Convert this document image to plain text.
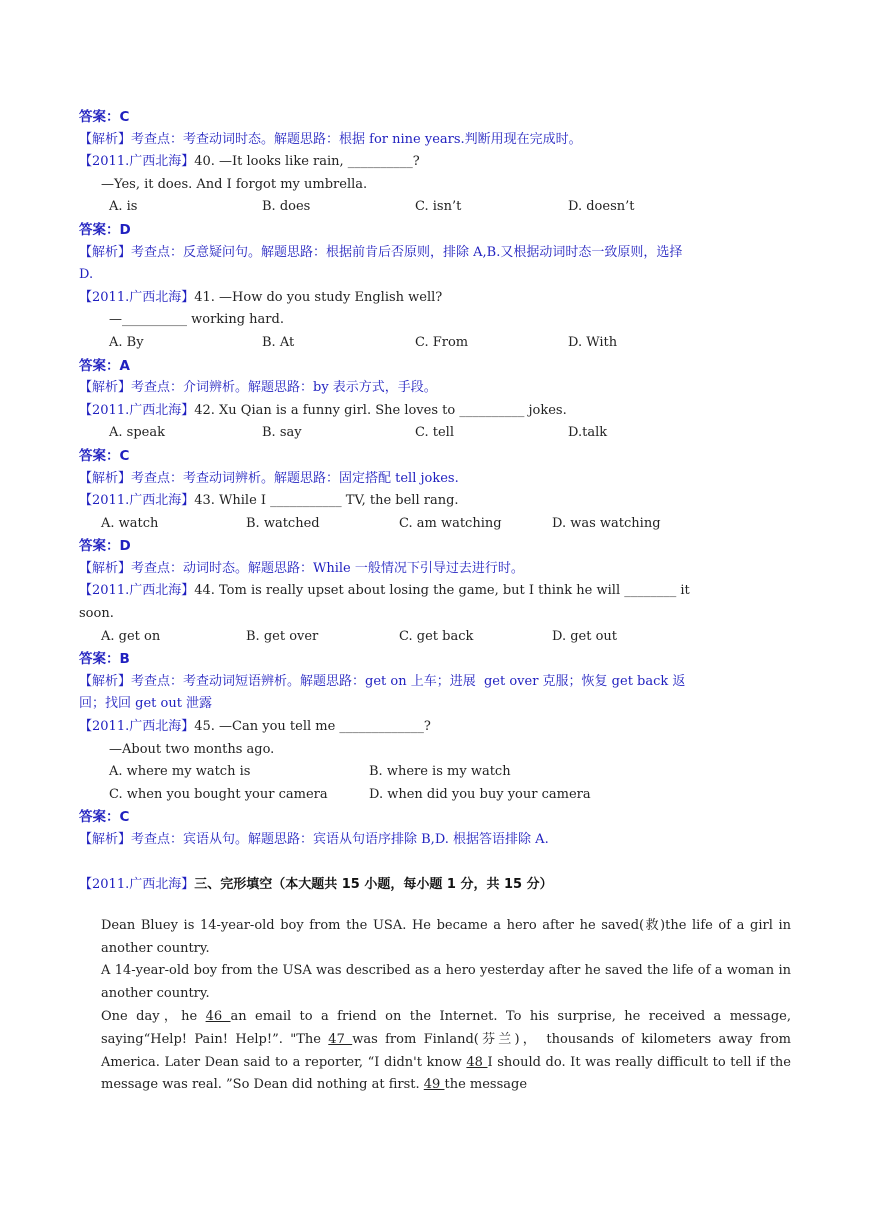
答案：C
【解析】考查点：考查动词时态。解题思路：根据 for nine years.判断用现在完成时。
【2011.广西北海】40. —It looks like rain, __________?
—Yes, it does. And I forgot my umbrella.
A. is	B. does	C. isn’t	D. doesn’t
答案：D
【解析】考查点：反意疑问句。解题思路：根据前肯后否原则，排除 A,B.又根据动词时态一致原则，选择
D.
【2011.广西北海】41. —How do you study English well?
—__________ working hard.
A. By	B. At	C. From	D. With
答案：A
【解析】考查点：介词辨析。解题思路：by 表示方式，手段。
【2011.广西北海】42. Xu Qian is a funny girl. She loves to __________ jokes.
A. speak	B. say	C. tell	D.talk
答案：C
【解析】考查点：考查动词辨析。解题思路：固定搭配 tell jokes.
【2011.广西北海】43. While I ___________ TV, the bell rang.
A. watch	B. watched	C. am watching	D. was watching
答案：D
【解析】考查点：动词时态。解题思路：While 一般情况下引导过去进行时。
【2011.广西北海】44. Tom is really upset about losing the game, but I think he will ________ it
soon.
A. get on	B. get over	C. get back	D. get out
答案：B
【解析】考查点：考查动词短语辨析。解题思路：get on 上车；进展  get over 克服；恢复 get back 返
回；找回 get out 泄露
【2011.广西北海】45. —Can you tell me _____________?
—About two months ago.
A. where my watch is	B. where is my watch
C. when you bought your camera	D. when did you buy your camera
答案：C
【解析】考查点：宾语从句。解题思路：宾语从句语序排除 B,D. 根据答语排除 A.
【2011.广西北海】三、完形填空（本大题共 15 小题，每小题 1 分，共 15 分）
Dean Bluey is 14-year-old boy from the USA. He became a hero after he saved(救)the life of a girl in another country.
A 14-year-old boy from the USA was described as a hero yesterday after he saved the life of a woman in another country.
One day，he 46 an email to a friend on the Internet. To his surprise, he received a message, saying“Help! Pain! Help!”. "The 47 was from Finland(芬兰)， thousands of kilometers away from America. Later Dean said to a reporter, “I didn't know 48 I should do. It was really difficult to tell if the message was real. ”So Dean did nothing at first. 49 the message
